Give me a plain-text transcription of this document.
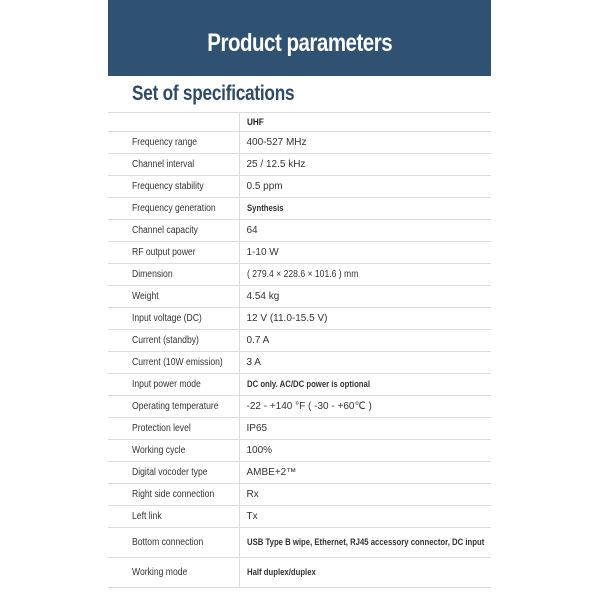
Product parameters
Set of specifications
	UHF
Frequency range	400-527 MHz
Channel interval	25 / 12.5 kHz
Frequency stability	0.5 ppm
Frequency generation	Synthesis
Channel capacity	64
RF output power	1-10 W
Dimension	( 279.4 × 228.6 × 101.6 ) mm
Weight	4.54 kg
Input voltage (DC)	12 V (11.0-15.5 V)
Current (standby)	0.7 A
Current (10W emission)	3 A
Input power mode	DC only. AC/DC power is optional
Operating temperature	-22 - +140 °F ( -30 - +60℃ )
Protection level	IP65
Working cycle	100%
Digital vocoder type	AMBE+2™
Right side connection	Rx
Left link	Tx
Bottom connection	USB Type B wipe, Ethernet, RJ45 accessory connector, DC input
Working mode	Half duplex/duplex
